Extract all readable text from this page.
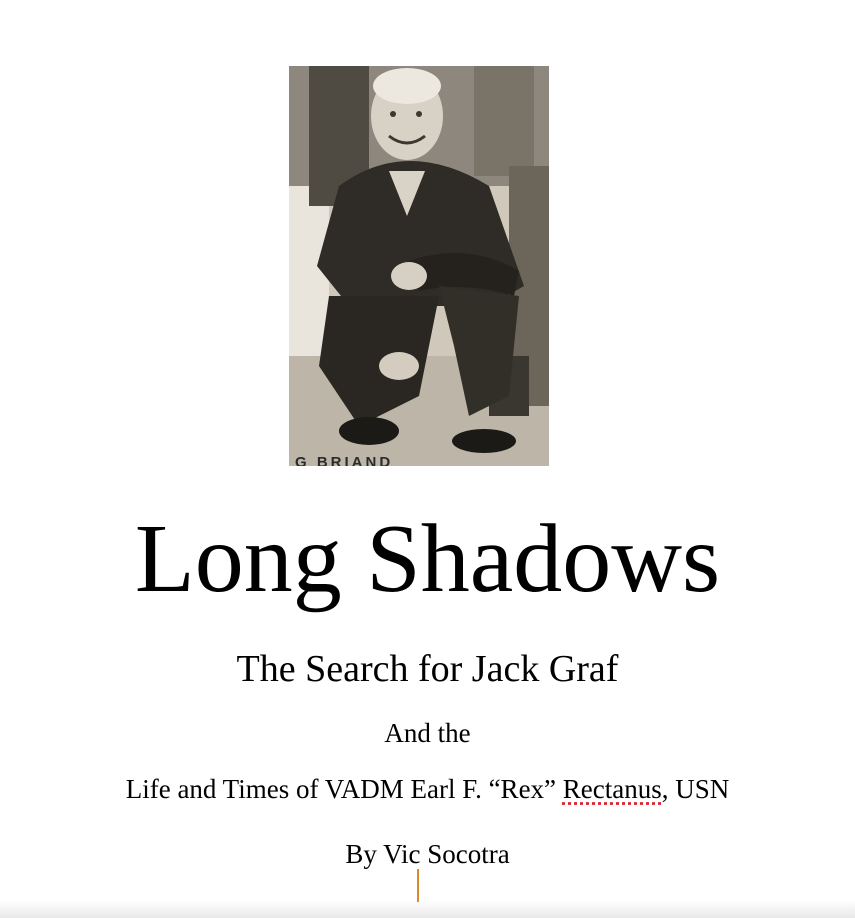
G BRIAND
Long Shadows
The Search for Jack Graf

And the

Life and Times of VADM Earl F. “Rex” Rectanus, USN

By Vic Socotra
